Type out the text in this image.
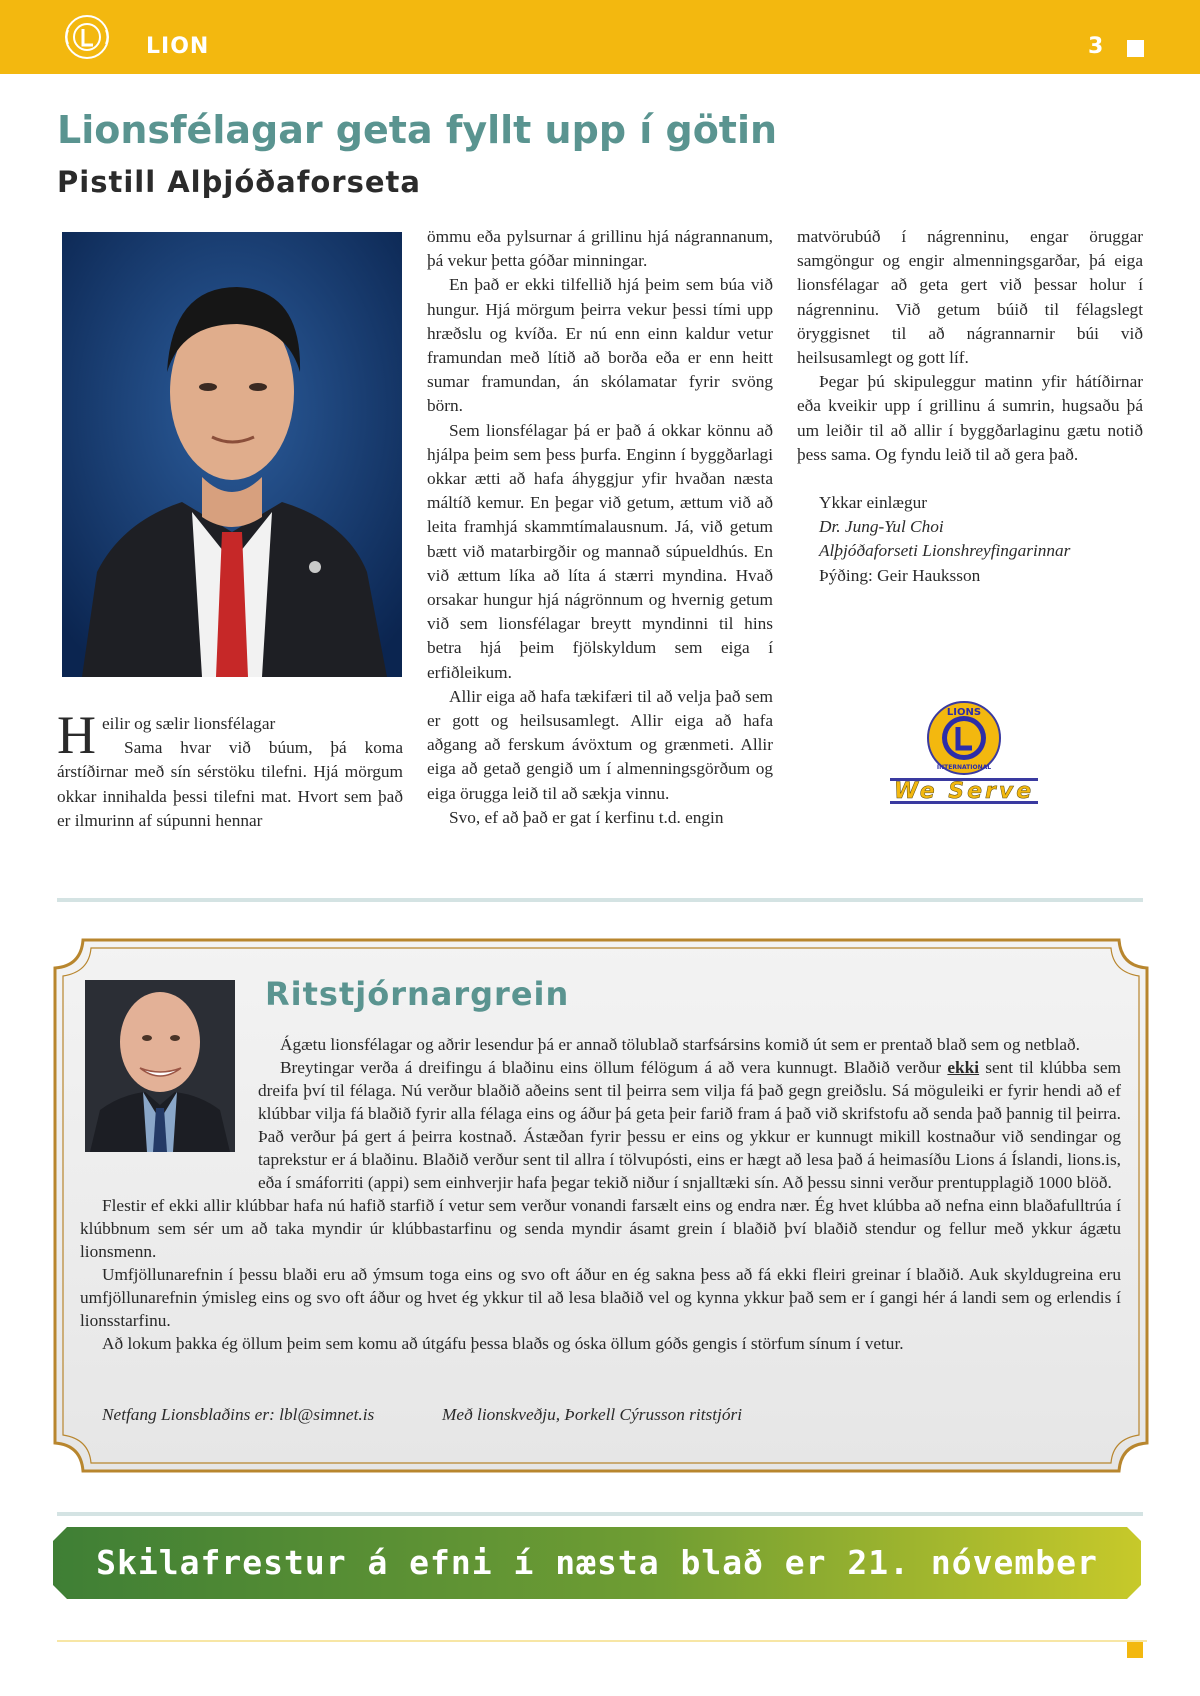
LION	3
Lionsfélagar geta fyllt upp í götin
Pistill Alþjóðaforseta

Heilir og sælir lionsfélagar
Sama hvar við búum, þá koma árstíðirnar með sín sérstöku tilefni. Hjá mörgum okkar innihalda þessi tilefni mat. Hvort sem það er ilmurinn af súpunni hennar

ömmu eða pylsurnar á grillinu hjá nágrannanum, þá vekur þetta góðar minningar.

En það er ekki tilfellið hjá þeim sem búa við hungur. Hjá mörgum þeirra vekur þessi tími upp hræðslu og kvíða. Er nú enn einn kaldur vetur framundan með lítið að borða eða er enn heitt sumar framundan, án skólamatar fyrir svöng börn.

Sem lionsfélagar þá er það á okkar könnu að hjálpa þeim sem þess þurfa. Enginn í byggðarlagi okkar ætti að hafa áhyggjur yfir hvaðan næsta máltíð kemur. En þegar við getum, ættum við að leita framhjá skammtímalausnum. Já, við getum bætt við matarbirgðir og mannað súpueldhús. En við ættum líka að líta á stærri myndina. Hvað orsakar hungur hjá nágrönnum og hvernig getum við sem lionsfélagar breytt myndinni til hins betra hjá þeim fjölskyldum sem eiga í erfiðleikum.

Allir eiga að hafa tækifæri til að velja það sem er gott og heilsusamlegt. Allir eiga að hafa aðgang að ferskum ávöxtum og grænmeti. Allir eiga að getað gengið um í almenningsgörðum og eiga örugga leið til að sækja vinnu.

Svo, ef að það er gat í kerfinu t.d. engin

matvörubúð í nágrenninu, engar öruggar samgöngur og engir almenningsgarðar, þá eiga lionsfélagar að geta gert við þessar holur í nágrenninu. Við getum búið til félagslegt öryggisnet til að nágrannarnir búi við heilsusamlegt og gott líf.

Þegar þú skipuleggur matinn yfir hátíðirnar eða kveikir upp í grillinu á sumrin, hugsaðu þá um leiðir til að allir í byggðarlaginu gætu notið þess sama. Og fyndu leið til að gera það.

Ykkar einlægur

Dr. Jung-Yul Choi

Alþjóðaforseti Lionshreyfingarinnar

Þýðing: Geir Hauksson

LIONS
INTERNATIONAL
We Serve
Ritstjórnargrein

Ágætu lionsfélagar og aðrir lesendur þá er annað tölublað starfsársins komið út sem er prentað blað sem og netblað.

Breytingar verða á dreifingu á blaðinu eins öllum félögum á að vera kunnugt. Blaðið verður ekki sent til klúbba sem dreifa því til félaga. Nú verður blaðið aðeins sent til þeirra sem vilja fá það gegn greiðslu. Sá möguleiki er fyrir hendi að ef klúbbar vilja fá blaðið fyrir alla félaga eins og áður þá geta þeir farið fram á það við skrifstofu að senda það þannig til þeirra. Það verður þá gert á þeirra kostnað. Ástæðan fyrir þessu er eins og ykkur er kunnugt mikill kostnaður við sendingar og taprekstur er á blaðinu. Blaðið verður sent til allra í tölvupósti, eins er hægt að lesa það á heimasíðu Lions á Íslandi, lions.is, eða í smáforriti (appi) sem einhverjir hafa þegar tekið niður í snjalltæki sín. Að þessu sinni verður prentupplagið 1000 blöð.

Flestir ef ekki allir klúbbar hafa nú hafið starfið í vetur sem verður vonandi farsælt eins og endra nær. Ég hvet klúbba að nefna einn blaðafulltrúa í klúbbnum sem sér um að taka myndir úr klúbbastarfinu og senda myndir ásamt grein í blaðið því blaðið stendur og fellur með ykkur ágætu lionsmenn.

Umfjöllunarefnin í þessu blaði eru að ýmsum toga eins og svo oft áður en ég sakna þess að fá ekki fleiri greinar í blaðið. Auk skyldugreina eru umfjöllunarefnin ýmisleg eins og svo oft áður og hvet ég ykkur til að lesa blaðið vel og kynna ykkur það sem er í gangi hér á landi sem og erlendis í lionsstarfinu.

Að lokum þakka ég öllum þeim sem komu að útgáfu þessa blaðs og óska öllum góðs gengis í störfum sínum í vetur.

Netfang Lionsblaðins er: lbl@simnet.is	Með lionskveðju, Þorkell Cýrusson ritstjóri
Skilafrestur á efni í næsta blað er 21. nóvember
